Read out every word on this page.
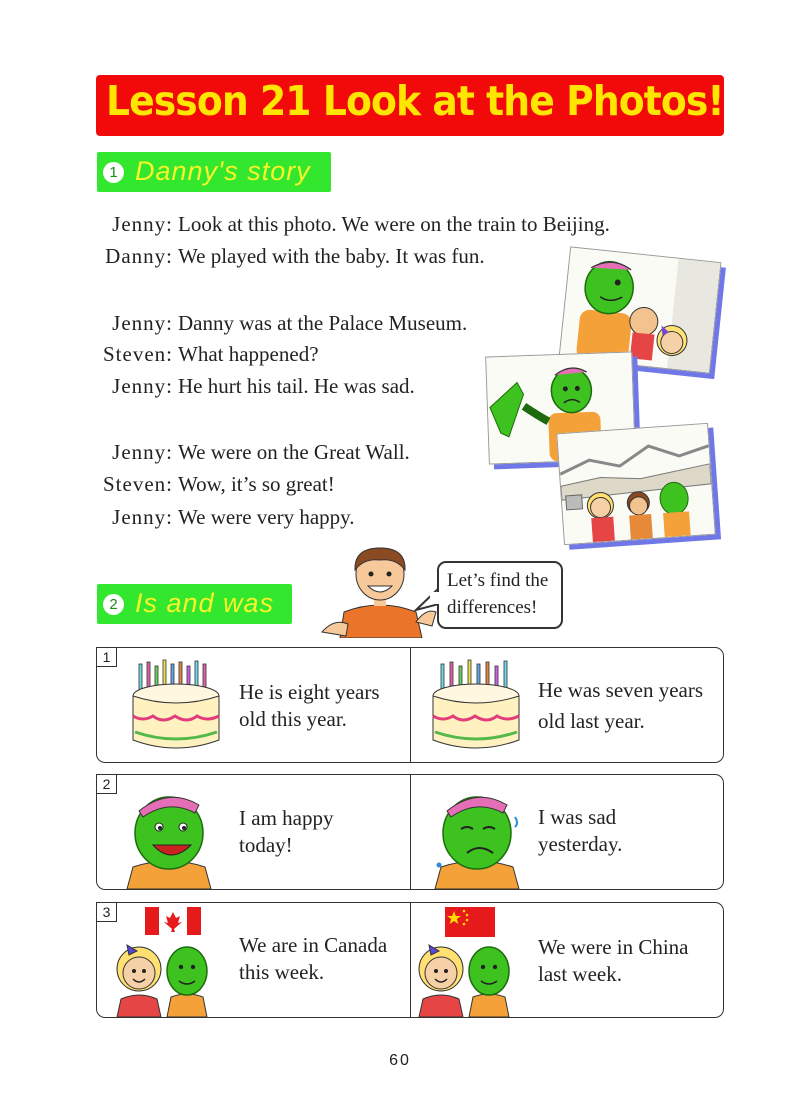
Lesson 21 Look at the Photos!
1 Danny's story
Jenny: Look at this photo. We were on the train to Beijing.
Danny: We played with the baby. It was fun.
Jenny: Danny was at the Palace Museum.
Steven: What happened?
Jenny: He hurt his tail. He was sad.
Jenny: We were on the Great Wall.
Steven: Wow, it’s so great!
Jenny: We were very happy.
2 Is and was
Let’s find the
differences!
1
He is eight years
old this year.
He was seven years
old last year.
2
I am happy
today!
I was sad
yesterday.
3
We are in Canada
this week.
We were in China
last week.
60
